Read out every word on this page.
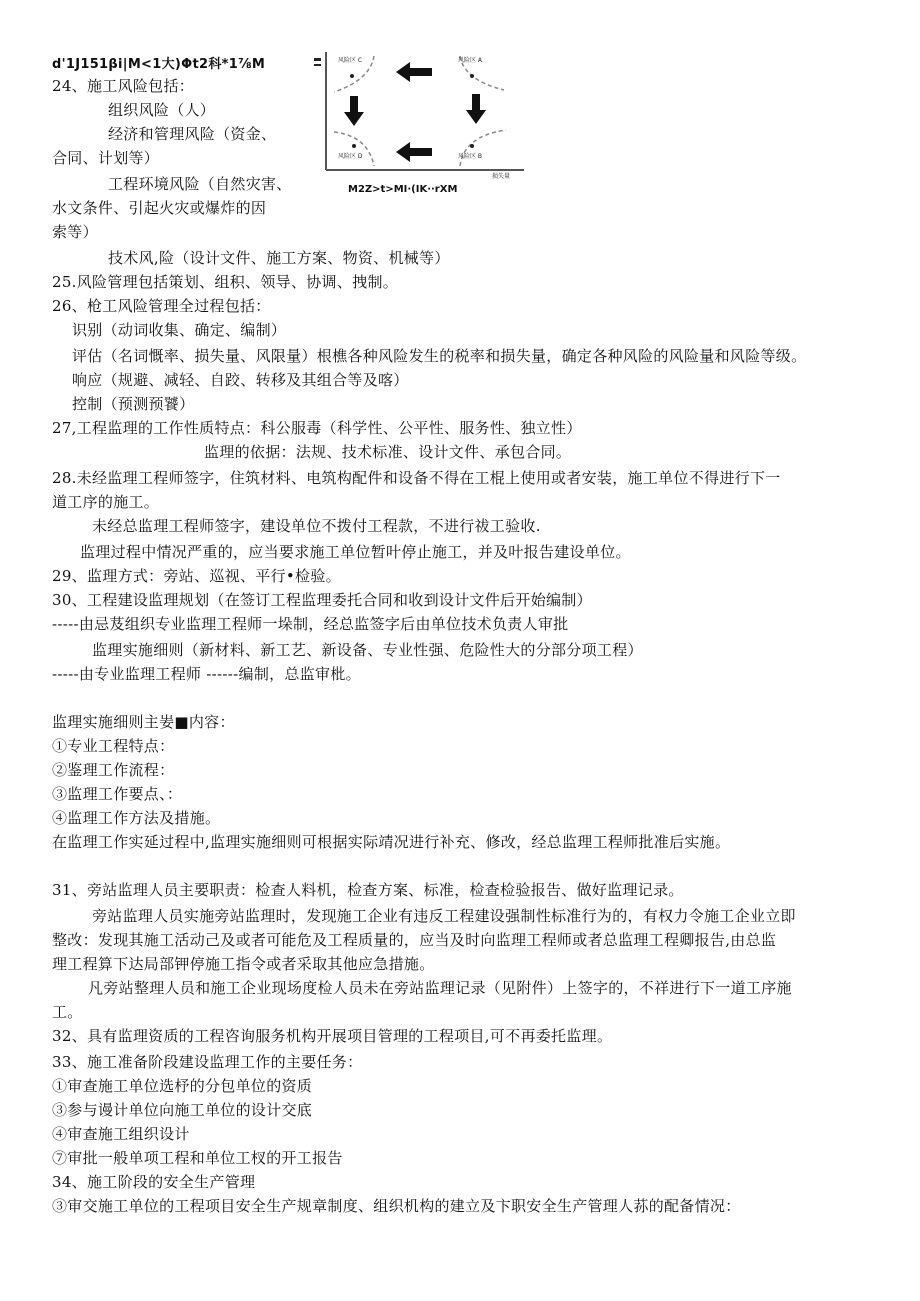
d'1J151βi|M<1大)Φt2科*1⅞M	风险区 C	风险区 A
风险区 D	风险区 B
损失量
M2Z>t>MI·(IK··rXM
24、施工风险包括：
组织风险（人）
经济和管理风险（资金、
合同、计划等）
工程环境风险（自然灾害、
水文条件、引起火灾或爆炸的因
索等）
技术风,险（设计文件、施工方案、物资、机械等）
25.风险管理包括策划、组积、领导、协调、拽制。
26、枪工风险管理全过程包括：
识别（动词收集、确定、编制）
评估（名词慨率、损失量、风限量）根樵各种风险发生的税率和损失量，确定各种风险的风险量和风险等级。
响应（规避、减轻、自跤、转移及其组合等及喀）
控制（预测预饕）
27,工程监理的工作性质特点：科公服毒（科学性、公平性、服务性、独立性）
监理的依据：法规、技术标准、设计文件、承包合同。
28.未经监理工程师签字，住筑材料、电筑构配件和设备不得在工棍上使用或者安装，施工单位不得进行下一
道工序的施工。
未经总监理工程师签字，建设单位不拨付工程款，不进行祓工验收.
监理过程中情况严重的，应当要求施工单位暂叶停止施工，并及叶报告建设单位。
29、监理方式：旁站、巡视、平行•检验。
30、工程建设监理规划（在签订工程监理委托合同和收到设计文件后开始编制）
-----由忌芨组织专业监理工程师一垛制，经总监签字后由单位技术负责人审批
监理实施细则（新材料、新工艺、新设备、专业性强、危险性大的分部分项工程）
-----由专业监理工程师 ------编制，总监审枇。
监理实施细则主妛■内容：
①专业工程特点：
②鉴理工作流程：
③监理工作要点、：
④监理工作方法及措施。
在监理工作实延过程中,监理实施细则可根据实际靖况进行补充、修改，经总监理工程师批准后实施。
31、旁站监理人员主要职责：检查人料机，检查方案、标准，检查检验报告、做好监理记录。
旁站监理人员实施旁站监理时，发现施工企业有违反工程建设强制性标准行为的，有权力令施工企业立即
整改：发现其施工活动己及或者可能危及工程质量的，应当及时向监理工程师或者总监理工程卿报告,由总监
理工程算下达局部钾停施工指令或者采取其他应急措施。
凡旁站整理人员和施工企业现场度检人员未在旁站监理记录（见附件）上签字的，不祥进行下一道工序施
工。
32、具有监理资质的工程咨询服务机构开展项目管理的工程项目,可不再委托监理。
33、施工准备阶段建设监理工作的主要任务：
①审查施工单位选杼的分包单位的资质
③参与谩计单位向施工单位的设计交底
④审查施工组织设计
⑦审批一般单项工程和单位工杈的开工报告
34、施工阶段的安全生产管理
③审交施工单位的工程项目安全生产规章制度、组织机构的建立及卞职安全生产管理人荪的配备情况：
